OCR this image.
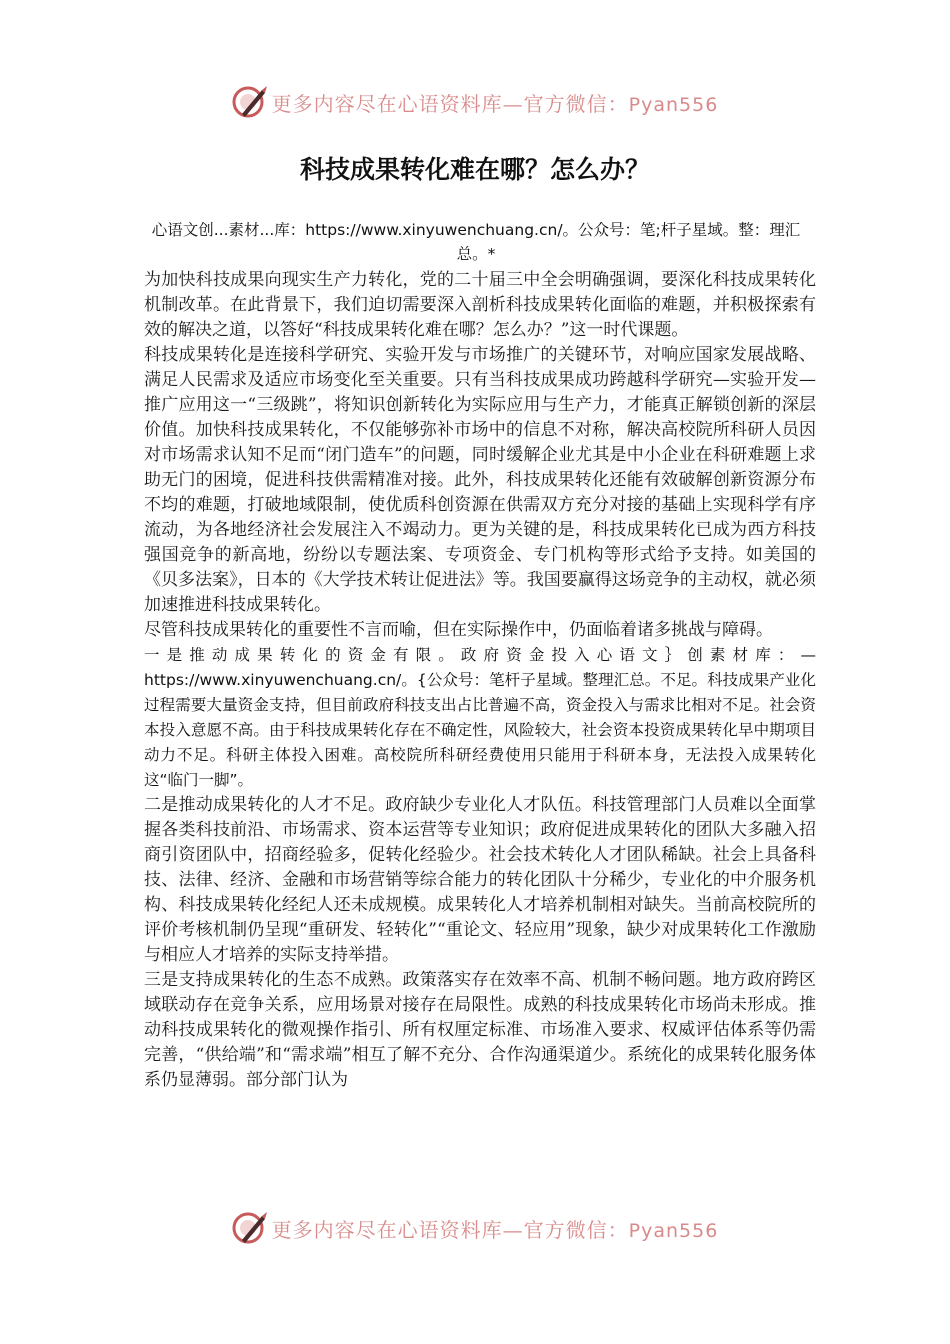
更多内容尽在心语资料库—官方微信：Pyan556
科技成果转化难在哪？怎么办？
心语文创...素材...库：https://www.xinyuwenchuang.cn/。公众号：笔;杆子星域。整：理汇总。*

为加快科技成果向现实生产力转化，党的二十届三中全会明确强调，要深化科技成果转化机制改革。在此背景下，我们迫切需要深入剖析科技成果转化面临的难题，并积极探索有效的解决之道，以答好“科技成果转化难在哪？怎么办？”这一时代课题。

科技成果转化是连接科学研究、实验开发与市场推广的关键环节，对响应国家发展战略、满足人民需求及适应市场变化至关重要。只有当科技成果成功跨越科学研究—实验开发—推广应用这一“三级跳”，将知识创新转化为实际应用与生产力，才能真正解锁创新的深层价值。加快科技成果转化，不仅能够弥补市场中的信息不对称，解决高校院所科研人员因对市场需求认知不足而“闭门造车”的问题，同时缓解企业尤其是中小企业在科研难题上求助无门的困境，促进科技供需精准对接。此外，科技成果转化还能有效破解创新资源分布不均的难题，打破地域限制，使优质科创资源在供需双方充分对接的基础上实现科学有序流动，为各地经济社会发展注入不竭动力。更为关键的是，科技成果转化已成为西方科技强国竞争的新高地，纷纷以专题法案、专项资金、专门机构等形式给予支持。如美国的《贝多法案》，日本的《大学技术转让促进法》等。我国要赢得这场竞争的主动权，就必须加速推进科技成果转化。

尽管科技成果转化的重要性不言而喻，但在实际操作中，仍面临着诸多挑战与障碍。

一是推动成果转化的资金有限。政府资金投入心语文｝创素材库：—https://www.xinyuwenchuang.cn/。{公众号：笔杆子星域。整理汇总。不足。科技成果产业化过程需要大量资金支持，但目前政府科技支出占比普遍不高，资金投入与需求比相对不足。社会资本投入意愿不高。由于科技成果转化存在不确定性，风险较大，社会资本投资成果转化早中期项目动力不足。科研主体投入困难。高校院所科研经费使用只能用于科研本身，无法投入成果转化这“临门一脚”。

二是推动成果转化的人才不足。政府缺少专业化人才队伍。科技管理部门人员难以全面掌握各类科技前沿、市场需求、资本运营等专业知识；政府促进成果转化的团队大多融入招商引资团队中，招商经验多，促转化经验少。社会技术转化人才团队稀缺。社会上具备科技、法律、经济、金融和市场营销等综合能力的转化团队十分稀少，专业化的中介服务机构、科技成果转化经纪人还未成规模。成果转化人才培养机制相对缺失。当前高校院所的评价考核机制仍呈现“重研发、轻转化”“重论文、轻应用”现象，缺少对成果转化工作激励与相应人才培养的实际支持举措。

三是支持成果转化的生态不成熟。政策落实存在效率不高、机制不畅问题。地方政府跨区域联动存在竞争关系，应用场景对接存在局限性。成熟的科技成果转化市场尚未形成。推动科技成果转化的微观操作指引、所有权厘定标准、市场准入要求、权威评估体系等仍需完善，“供给端”和“需求端”相互了解不充分、合作沟通渠道少。系统化的成果转化服务体系仍显薄弱。部分部门认为

更多内容尽在心语资料库—官方微信：Pyan556
